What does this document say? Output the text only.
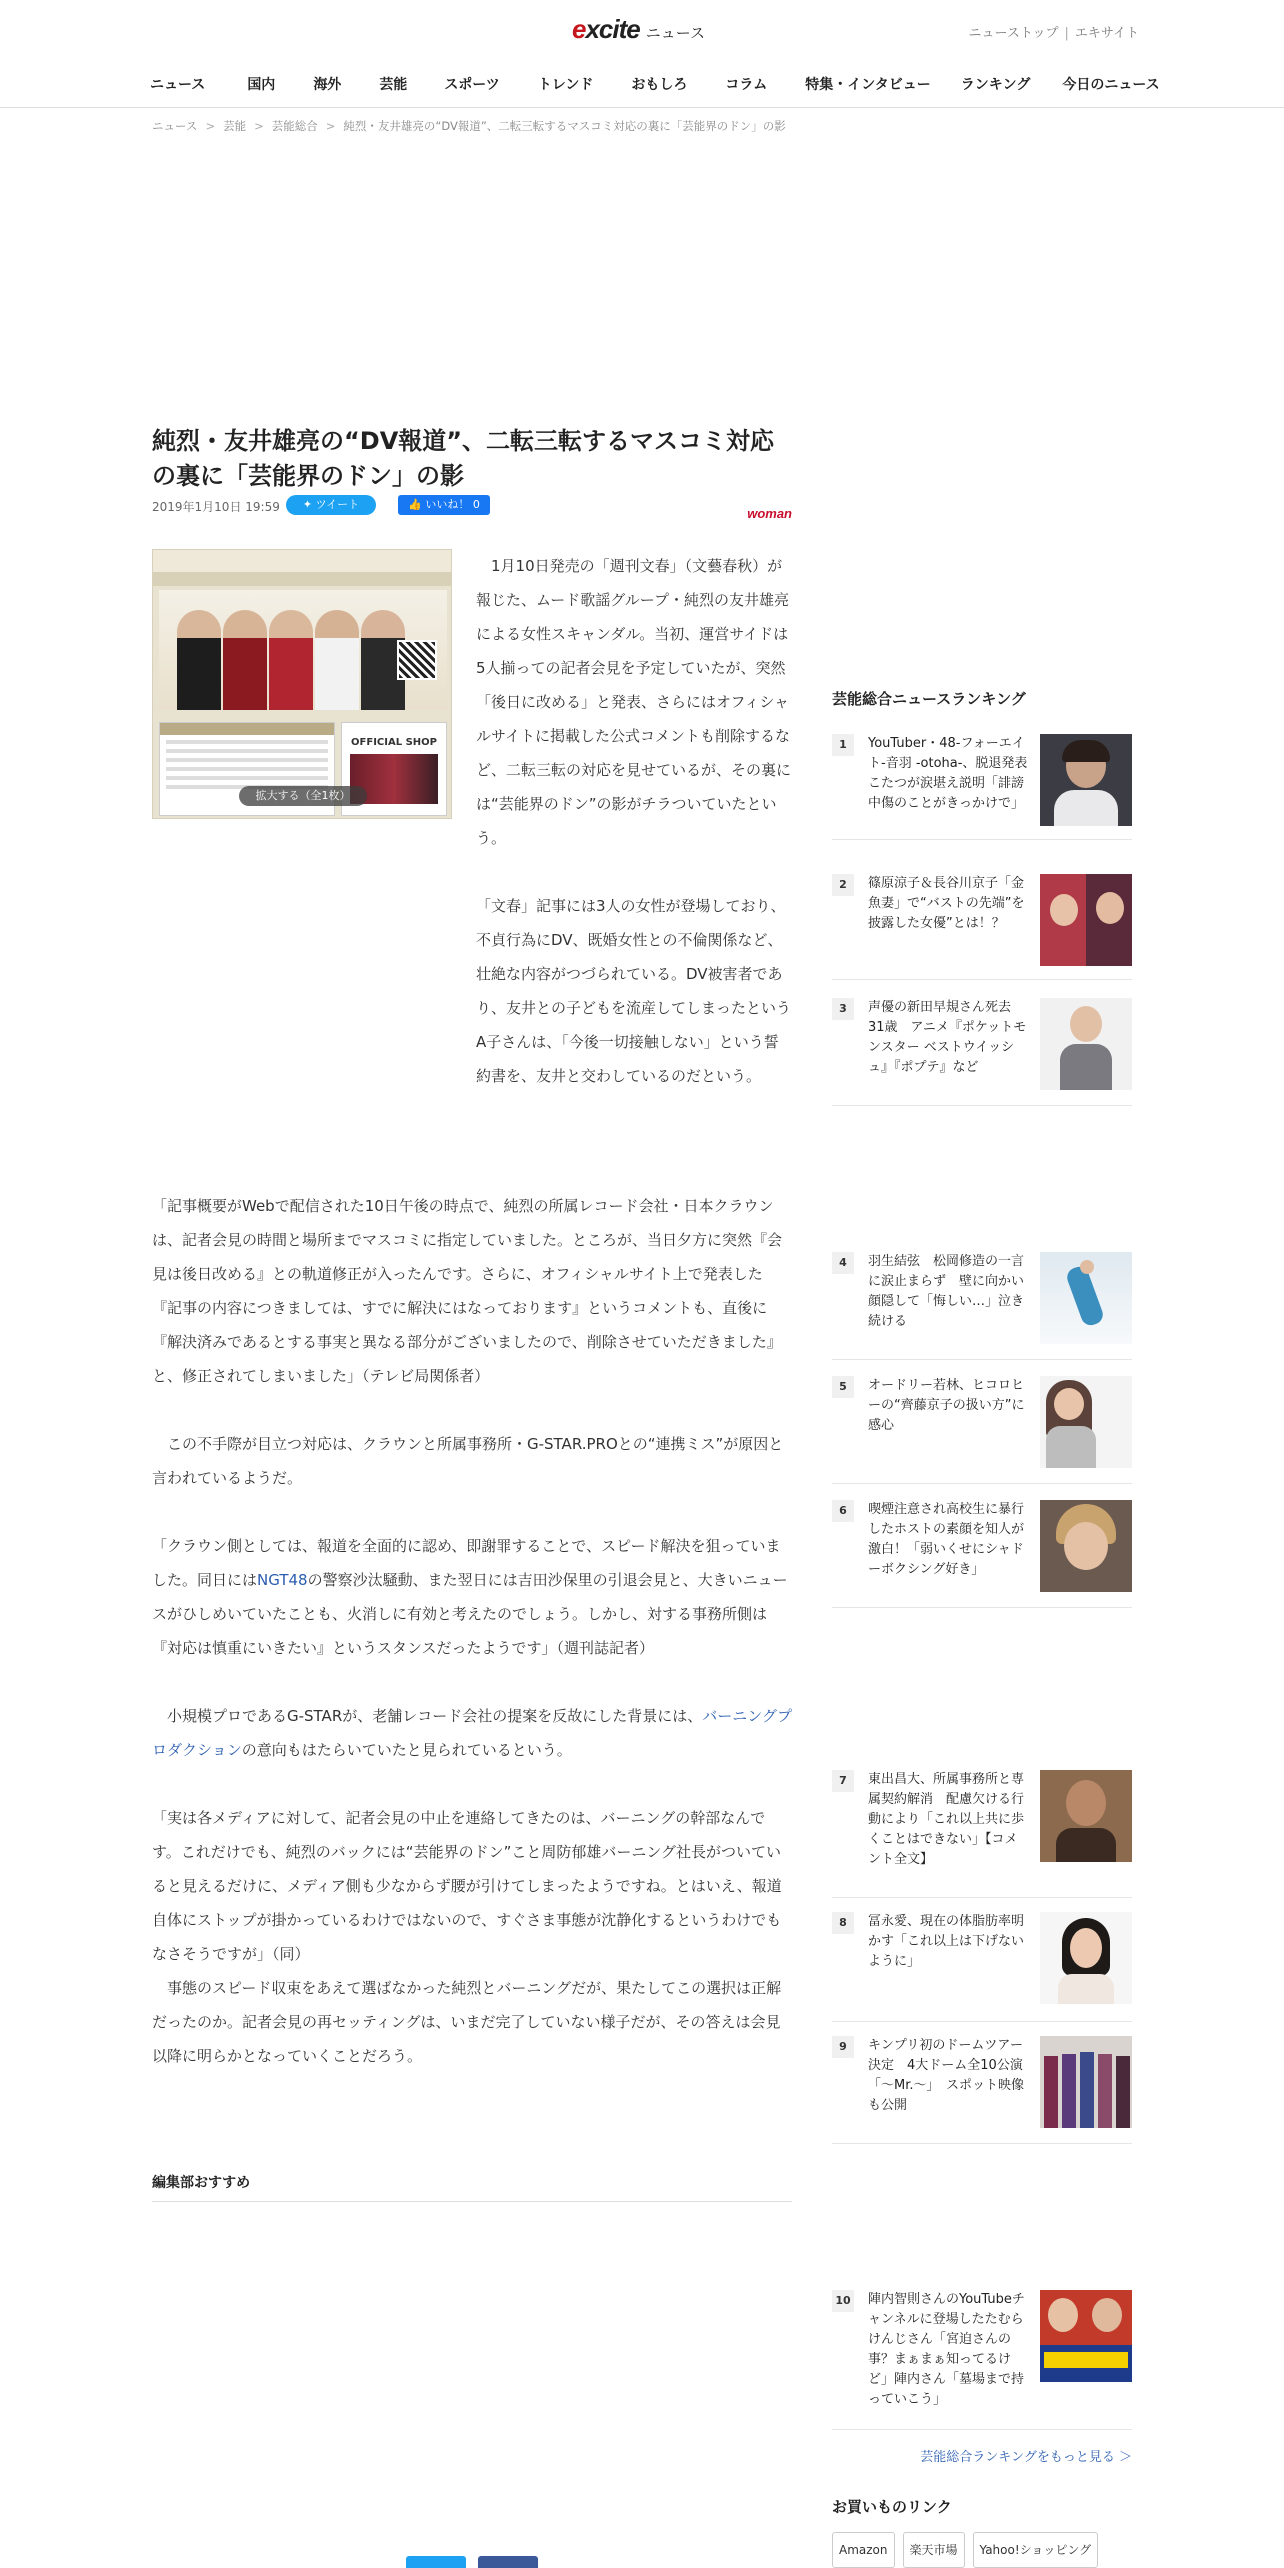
excite ニュース	ニューストップ | エキサイト
ニュース	国内	海外	芸能	スポーツ	トレンド	おもしろ	コラム	特集・インタビュー ランキング 今日のニュース
ニュース > 芸能 > 芸能総合 > 純烈・友井雄亮の“DV報道”、二転三転するマスコミ対応の裏に「芸能界のドン」の影
純烈・友井雄亮の“DV報道”、二転三転するマスコミ対応の裏に「芸能界のドン」の影
2019年1月10日 19:59	✦ ツイート	👍 いいね！ 0

woman
OFFICIAL SHOP
拡大する（全1枚）

1月10日発売の「週刊文春」（文藝春秋）が報じた、ムード歌謡グループ・純烈の友井雄亮による女性スキャンダル。当初、運営サイドは5人揃っての記者会見を予定していたが、突然「後日に改める」と発表、さらにはオフィシャルサイトに掲載した公式コメントも削除するなど、二転三転の対応を見せているが、その裏には“芸能界のドン”の影がチラついていたという。

「文春」記事には3人の女性が登場しており、不貞行為にDV、既婚女性との不倫関係など、壮絶な内容がつづられている。DV被害者であり、友井との子どもを流産してしまったというA子さんは、「今後一切接触しない」という誓約書を、友井と交わしているのだという。

「記事概要がWebで配信された10日午後の時点で、純烈の所属レコード会社・日本クラウンは、記者会見の時間と場所までマスコミに指定していました。ところが、当日夕方に突然『会見は後日改める』との軌道修正が入ったんです。さらに、オフィシャルサイト上で発表した『記事の内容につきましては、すでに解決にはなっております』というコメントも、直後に『解決済みであるとする事実と異なる部分がございましたので、削除させていただきました』と、修正されてしまいました」（テレビ局関係者）

この不手際が目立つ対応は、クラウンと所属事務所・G-STAR.PROとの“連携ミス”が原因と言われているようだ。

「クラウン側としては、報道を全面的に認め、即謝罪することで、スピード解決を狙っていました。同日にはNGT48の警察沙汰騒動、また翌日には吉田沙保里の引退会見と、大きいニュースがひしめいていたことも、火消しに有効と考えたのでしょう。しかし、対する事務所側は『対応は慎重にいきたい』というスタンスだったようです」（週刊誌記者）

小規模プロであるG-STARが、老舗レコード会社の提案を反故にした背景には、バーニングプロダクションの意向もはたらいていたと見られているという。

「実は各メディアに対して、記者会見の中止を連絡してきたのは、バーニングの幹部なんです。これだけでも、純烈のバックには“芸能界のドン”こと周防郁雄バーニング社長がついていると見えるだけに、メディア側も少なからず腰が引けてしまったようですね。とはいえ、報道自体にストップが掛かっているわけではないので、すぐさま事態が沈静化するというわけでもなさそうですが」（同）

事態のスピード収束をあえて選ばなかった純烈とバーニングだが、果たしてこの選択は正解だったのか。記者会見の再セッティングは、いまだ完了していない様子だが、その答えは会見以降に明らかとなっていくことだろう。

編集部おすすめ
芸能総合ニュースランキング
1	YouTuber・48-フォーエイト-音羽 -otoha-、脱退発表 こたつが涙堪え説明「誹謗中傷のことがきっかけで」
2	篠原涼子＆長谷川京子「金魚妻」で“バストの先端”を披露した女優”とは！？
3	声優の新田早規さん死去 31歳　アニメ『ポケットモンスター ベストウイッシュ』『ポプテ』など
4	羽生結弦　松岡修造の一言に涙止まらず　壁に向かい顔隠して「悔しい…」泣き続ける
5	オードリー若林、ヒコロヒーの“齊藤京子の扱い方”に感心
6	喫煙注意され高校生に暴行したホストの素顔を知人が激白！「弱いくせにシャドーボクシング好き」
7	東出昌大、所属事務所と専属契約解消　配慮欠ける行動により「これ以上共に歩くことはできない」【コメント全文】
8	冨永愛、現在の体脂肪率明かす「これ以上は下げないように」
9	キンプリ初のドームツアー決定　4大ドーム全10公演「～Mr.～」　スポット映像も公開
10 陣内智則さんのYouTubeチャンネルに登場したたむらけんじさん「宮迫さんの事？まぁまぁ知ってるけど」陣内さん「墓場まで持っていこう」
芸能総合ランキングをもっと見る ＞
お買いものリンク
Amazon	楽天市場	Yahoo!ショッピング
